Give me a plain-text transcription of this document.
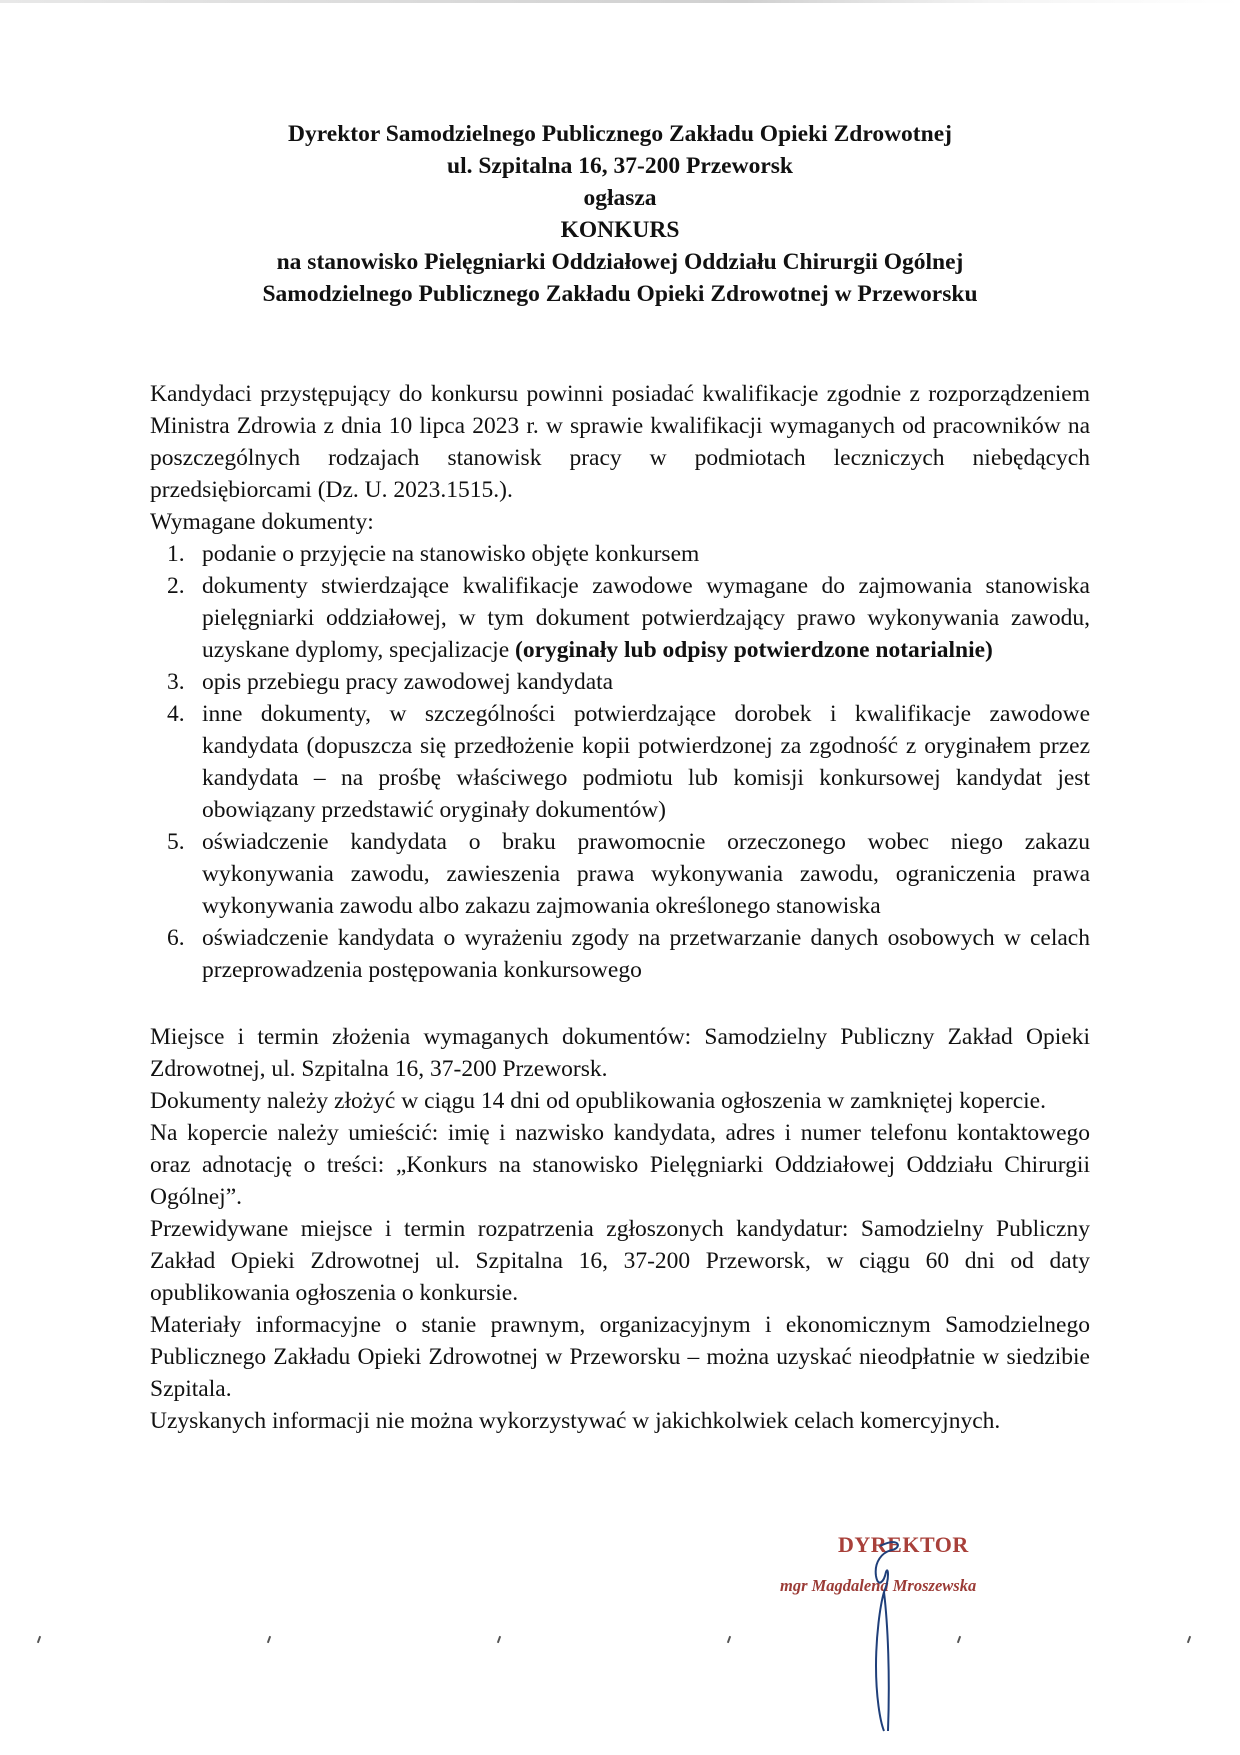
Dyrektor Samodzielnego Publicznego Zakładu Opieki Zdrowotnej
ul. Szpitalna 16, 37-200 Przeworsk
ogłasza
KONKURS
na stanowisko Pielęgniarki Oddziałowej Oddziału Chirurgii Ogólnej
Samodzielnego Publicznego Zakładu Opieki Zdrowotnej w Przeworsku

Kandydaci przystępujący do konkursu powinni posiadać kwalifikacje zgodnie z rozporządzeniem Ministra Zdrowia z dnia 10 lipca 2023 r. w sprawie kwalifikacji wymaganych od pracowników na poszczególnych rodzajach stanowisk pracy w podmiotach leczniczych niebędących przedsiębiorcami (Dz. U. 2023.1515.).

Wymagane dokumenty:

1. podanie o przyjęcie na stanowisko objęte konkursem
2. dokumenty stwierdzające kwalifikacje zawodowe wymagane do zajmowania stanowiska pielęgniarki oddziałowej, w tym dokument potwierdzający prawo wykonywania zawodu, uzyskane dyplomy, specjalizacje (oryginały lub odpisy potwierdzone notarialnie)
3. opis przebiegu pracy zawodowej kandydata
4. inne dokumenty, w szczególności potwierdzające dorobek i kwalifikacje zawodowe kandydata (dopuszcza się przedłożenie kopii potwierdzonej za zgodność z oryginałem przez kandydata – na prośbę właściwego podmiotu lub komisji konkursowej kandydat jest obowiązany przedstawić oryginały dokumentów)
5. oświadczenie kandydata o braku prawomocnie orzeczonego wobec niego zakazu wykonywania zawodu, zawieszenia prawa wykonywania zawodu, ograniczenia prawa wykonywania zawodu albo zakazu zajmowania określonego stanowiska
6. oświadczenie kandydata o wyrażeniu zgody na przetwarzanie danych osobowych w celach przeprowadzenia postępowania konkursowego

Miejsce i termin złożenia wymaganych dokumentów: Samodzielny Publiczny Zakład Opieki Zdrowotnej, ul. Szpitalna 16, 37-200 Przeworsk.

Dokumenty należy złożyć w ciągu 14 dni od opublikowania ogłoszenia w zamkniętej kopercie.

Na kopercie należy umieścić: imię i nazwisko kandydata, adres i numer telefonu kontaktowego oraz adnotację o treści: „Konkurs na stanowisko Pielęgniarki Oddziałowej Oddziału Chirurgii Ogólnej”.

Przewidywane miejsce i termin rozpatrzenia zgłoszonych kandydatur: Samodzielny Publiczny Zakład Opieki Zdrowotnej ul. Szpitalna 16, 37-200 Przeworsk, w ciągu 60 dni od daty opublikowania ogłoszenia o konkursie.

Materiały informacyjne o stanie prawnym, organizacyjnym i ekonomicznym Samodzielnego Publicznego Zakładu Opieki Zdrowotnej w Przeworsku – można uzyskać nieodpłatnie w siedzibie Szpitala.

Uzyskanych informacji nie można wykorzystywać w jakichkolwiek celach komercyjnych.

DYREKTOR
mgr Magdalena Mroszewska
